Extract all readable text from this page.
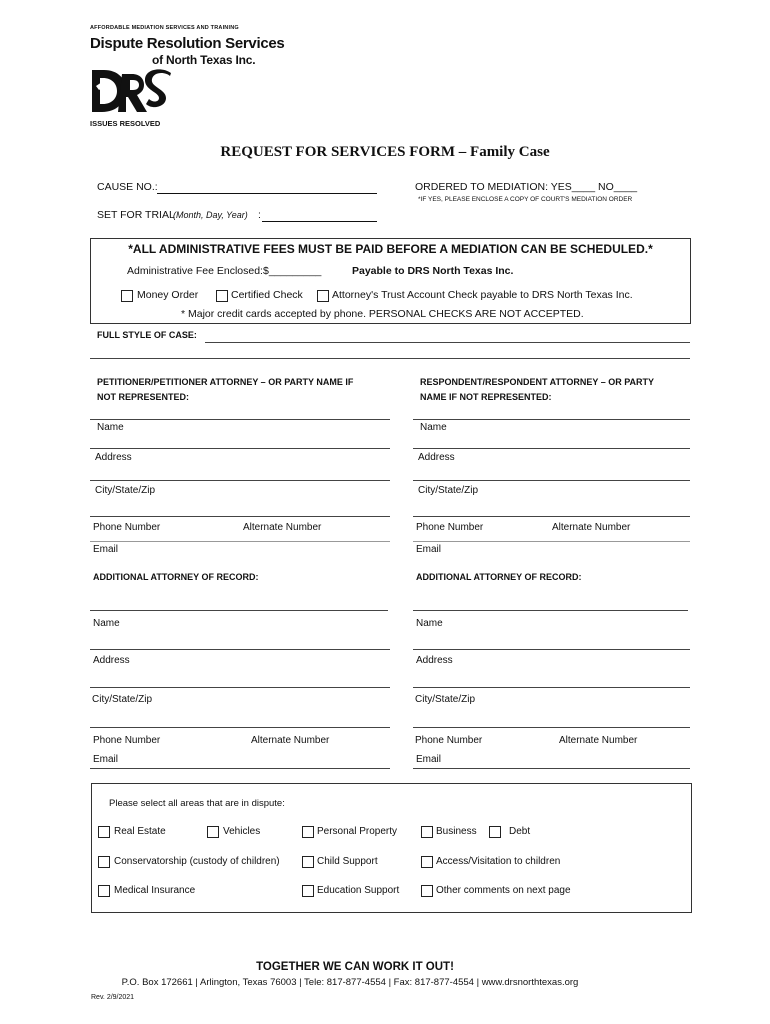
AFFORDABLE MEDIATION SERVICES AND TRAINING
Dispute Resolution Services
of North Texas Inc.
ISSUES RESOLVED
REQUEST FOR SERVICES FORM – Family Case
CAUSE NO.:	ORDERED TO MEDIATION: YES____ NO____
*IF YES, PLEASE ENCLOSE A COPY OF COURT'S MEDIATION ORDER
SET FOR TRIAL
(Month, Day, Year) :
*ALL ADMINISTRATIVE FEES MUST BE PAID BEFORE A MEDIATION CAN BE SCHEDULED.*
Administrative Fee Enclosed:$_________	Payable to DRS North Texas Inc.
Money Order	Certified Check	Attorney's Trust Account Check payable to DRS North Texas Inc.
* Major credit cards accepted by phone. PERSONAL CHECKS ARE NOT ACCEPTED.
FULL STYLE OF CASE:
PETITIONER/PETITIONER ATTORNEY – OR PARTY NAME IF
NOT REPRESENTED:
RESPONDENT/RESPONDENT ATTORNEY – OR PARTY
NAME IF NOT REPRESENTED:
Name	Name
Address	Address
City/State/Zip	City/State/Zip
Phone Number	Alternate Number	Phone Number	Alternate Number
Email	Email
ADDITIONAL ATTORNEY OF RECORD:	ADDITIONAL ATTORNEY OF RECORD:
Name	Name
Address	Address
City/State/Zip	City/State/Zip
Phone Number	Alternate Number	Phone Number	Alternate Number
Email	Email
Please select all areas that are in dispute:
Real Estate	Vehicles	Personal Property	Business	Debt
Conservatorship (custody of children)	Child Support	Access/Visitation to children
Medical Insurance	Education Support	Other comments on next page
TOGETHER WE CAN WORK IT OUT!
P.O. Box 172661 | Arlington, Texas 76003 | Tele: 817-877-4554 | Fax: 817-877-4554 | www.drsnorthtexas.org
Rev. 2/9/2021
